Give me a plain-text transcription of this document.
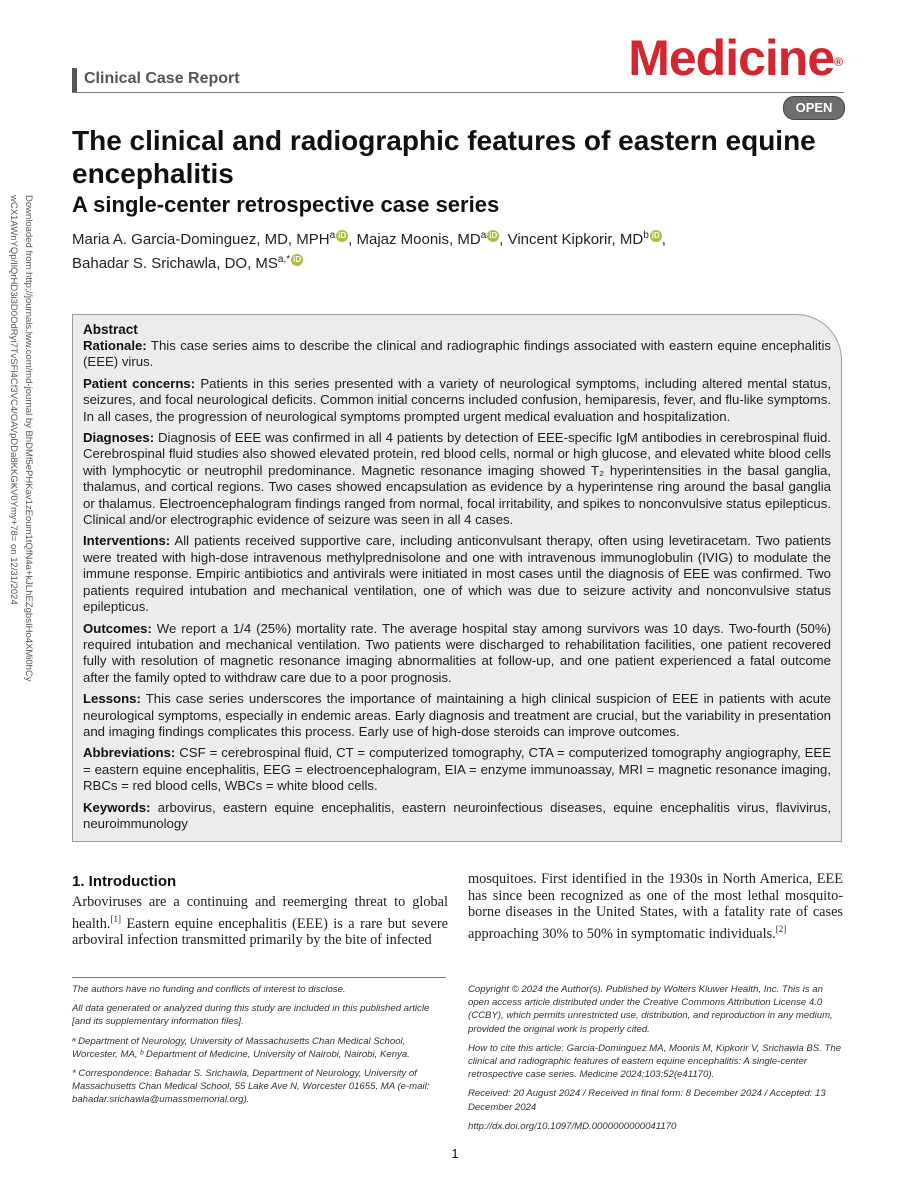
Clinical Case Report	Medicine®
OPEN
Downloaded from http://journals.lww.com/md-journal by BhDMf5ePHKav1zEoum1tQfN4a+kJLhEZgbsIHo4XMi0hCy
wCX1AWnYQp/IlQrHD3i3D0OdRyi7TvSFl4Cf3VC4/OAVpDDa8KKGKV0Ymy+78= on 12/31/2024
The clinical and radiographic features of eastern equine encephalitis
A single-center retrospective case series
Maria A. Garcia-Dominguez, MD, MPH$^a$ iD , Majaz Moonis, $MD^a$ iD , Vincent Kipkorir, $MD^b$ iD ,
Bahadar S. Srichawla, DO, $MS^{a,*}$ iD
Abstract

Rationale: This case series aims to describe the clinical and radiographic findings associated with eastern equine encephalitis (EEE) virus.

Patient concerns: Patients in this series presented with a variety of neurological symptoms, including altered mental status, seizures, and focal neurological deficits. Common initial concerns included confusion, hemiparesis, fever, and flu-like symptoms. In all cases, the progression of neurological symptoms prompted urgent medical evaluation and hospitalization.

Diagnoses: Diagnosis of EEE was confirmed in all 4 patients by detection of EEE-specific IgM antibodies in cerebrospinal fluid. Cerebrospinal fluid studies also showed elevated protein, red blood cells, normal or high glucose, and elevated white blood cells with lymphocytic or neutrophil predominance. Magnetic resonance imaging showed T₂ hyperintensities in the basal ganglia, thalamus, and cortical regions. Two cases showed encapsulation as evidence by a hyperintense ring around the basal ganglia or thalamus. Electroencephalogram findings ranged from normal, focal irritability, and spikes to nonconvulsive status epilepticus. Clinical and/or electrographic evidence of seizure was seen in all 4 cases.

Interventions: All patients received supportive care, including anticonvulsant therapy, often using levetiracetam. Two patients were treated with high-dose intravenous methylprednisolone and one with intravenous immunoglobulin (IVIG) to modulate the immune response. Empiric antibiotics and antivirals were initiated in most cases until the diagnosis of EEE was confirmed. Two patients required intubation and mechanical ventilation, one of which was due to seizure activity and nonconvulsive status epilepticus.

Outcomes: We report a 1/4 (25%) mortality rate. The average hospital stay among survivors was 10 days. Two-fourth (50%) required intubation and mechanical ventilation. Two patients were discharged to rehabilitation facilities, one patient recovered fully with resolution of magnetic resonance imaging abnormalities at follow-up, and one patient experienced a fatal outcome after the family opted to withdraw care due to a poor prognosis.

Lessons: This case series underscores the importance of maintaining a high clinical suspicion of EEE in patients with acute neurological symptoms, especially in endemic areas. Early diagnosis and treatment are crucial, but the variability in presentation and imaging findings complicates this process. Early use of high-dose steroids can improve outcomes.

Abbreviations: CSF = cerebrospinal fluid, CT = computerized tomography, CTA = computerized tomography angiography, EEE = eastern equine encephalitis, EEG = electroencephalogram, EIA = enzyme immunoassay, MRI = magnetic resonance imaging, RBCs = red blood cells, WBCs = white blood cells.

Keywords: arbovirus, eastern equine encephalitis, eastern neuroinfectious diseases, equine encephalitis virus, flavivirus, neuroimmunology

1. Introduction
Arboviruses are a continuing and reemerging threat to global health.[1] Eastern equine encephalitis (EEE) is a rare but severe arboviral infection transmitted primarily by the bite of infected
mosquitoes. First identified in the 1930s in North America, EEE has since been recognized as one of the most lethal mosquito-borne diseases in the United States, with a fatality rate of cases approaching 30% to 50% in symptomatic individuals.[2]

The authors have no funding and conflicts of interest to disclose.

All data generated or analyzed during this study are included in this published article [and its supplementary information files].

ᵃ Department of Neurology, University of Massachusetts Chan Medical School, Worcester, MA, ᵇ Department of Medicine, University of Nairobi, Nairobi, Kenya.

* Correspondence: Bahadar S. Srichawla, Department of Neurology, University of Massachusetts Chan Medical School, 55 Lake Ave N, Worcester 01655, MA (e-mail: bahadar.srichawla@umassmemorial.org).

Copyright © 2024 the Author(s). Published by Wolters Kluwer Health, Inc. This is an open access article distributed under the Creative Commons Attribution License 4.0 (CCBY), which permits unrestricted use, distribution, and reproduction in any medium, provided the original work is properly cited.

How to cite this article: Garcia-Dominguez MA, Moonis M, Kipkorir V, Srichawla BS. The clinical and radiographic features of eastern equine encephalitis: A single-center retrospective case series. Medicine 2024;103:52(e41170).

Received: 20 August 2024 / Received in final form: 8 December 2024 / Accepted: 13 December 2024

http://dx.doi.org/10.1097/MD.0000000000041170

1
